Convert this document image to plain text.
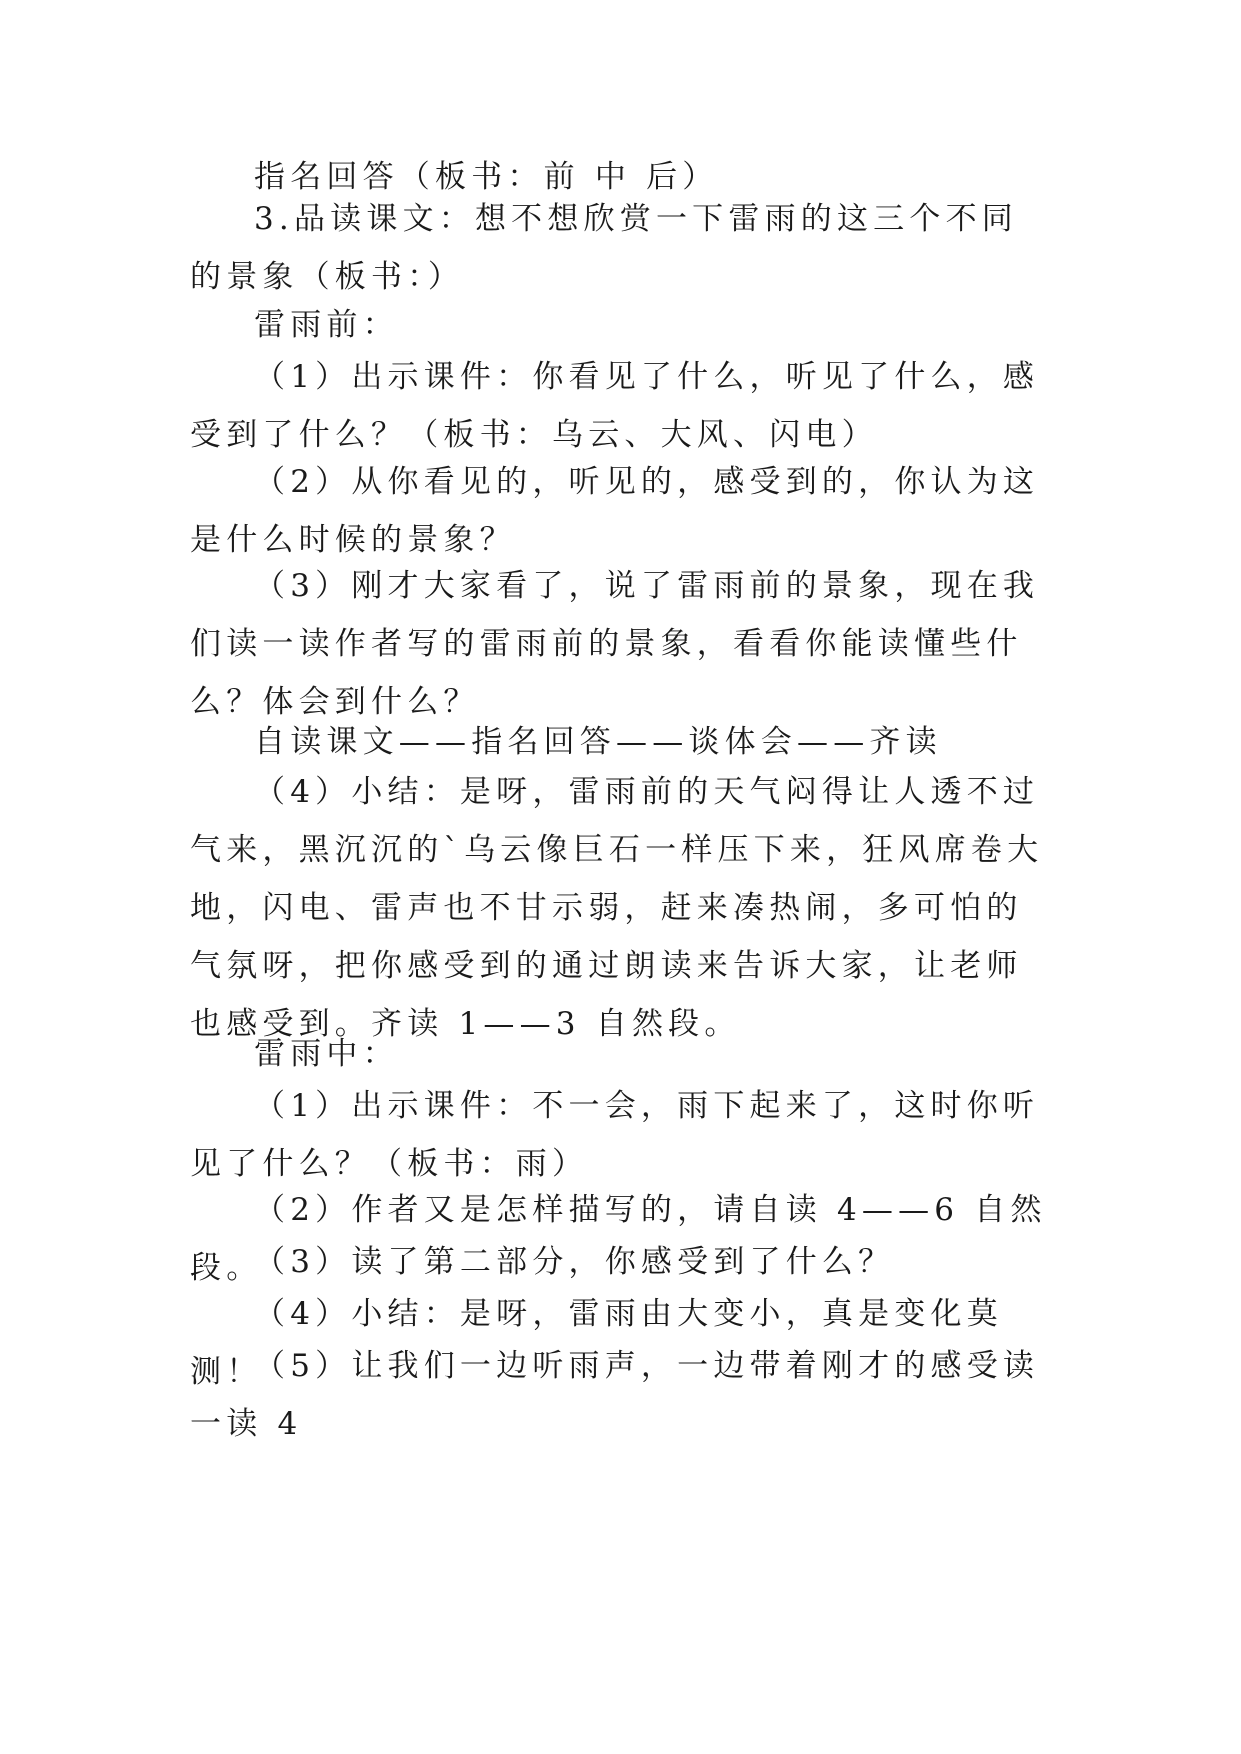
指名回答（板书：前 中 后）

3.品读课文：想不想欣赏一下雷雨的这三个不同的景象（板书：）

雷雨前：

（1）出示课件：你看见了什么，听见了什么，感受到了什么？（板书：乌云、大风、闪电）

（2）从你看见的，听见的，感受到的，你认为这是什么时候的景象？

（3）刚才大家看了，说了雷雨前的景象，现在我们读一读作者写的雷雨前的景象，看看你能读懂些什么？体会到什么？

自读课文——指名回答——谈体会——齐读

（4）小结：是呀，雷雨前的天气闷得让人透不过气来，黑沉沉的`乌云像巨石一样压下来，狂风席卷大地，闪电、雷声也不甘示弱，赶来凑热闹，多可怕的气氛呀，把你感受到的通过朗读来告诉大家，让老师也感受到。齐读 1——3 自然段。

雷雨中：

（1）出示课件：不一会，雨下起来了，这时你听见了什么？（板书：雨）

（2）作者又是怎样描写的，请自读 4——6 自然段。

（3）读了第二部分，你感受到了什么？

（4）小结：是呀，雷雨由大变小，真是变化莫测！

（5）让我们一边听雨声，一边带着刚才的感受读一读 4
